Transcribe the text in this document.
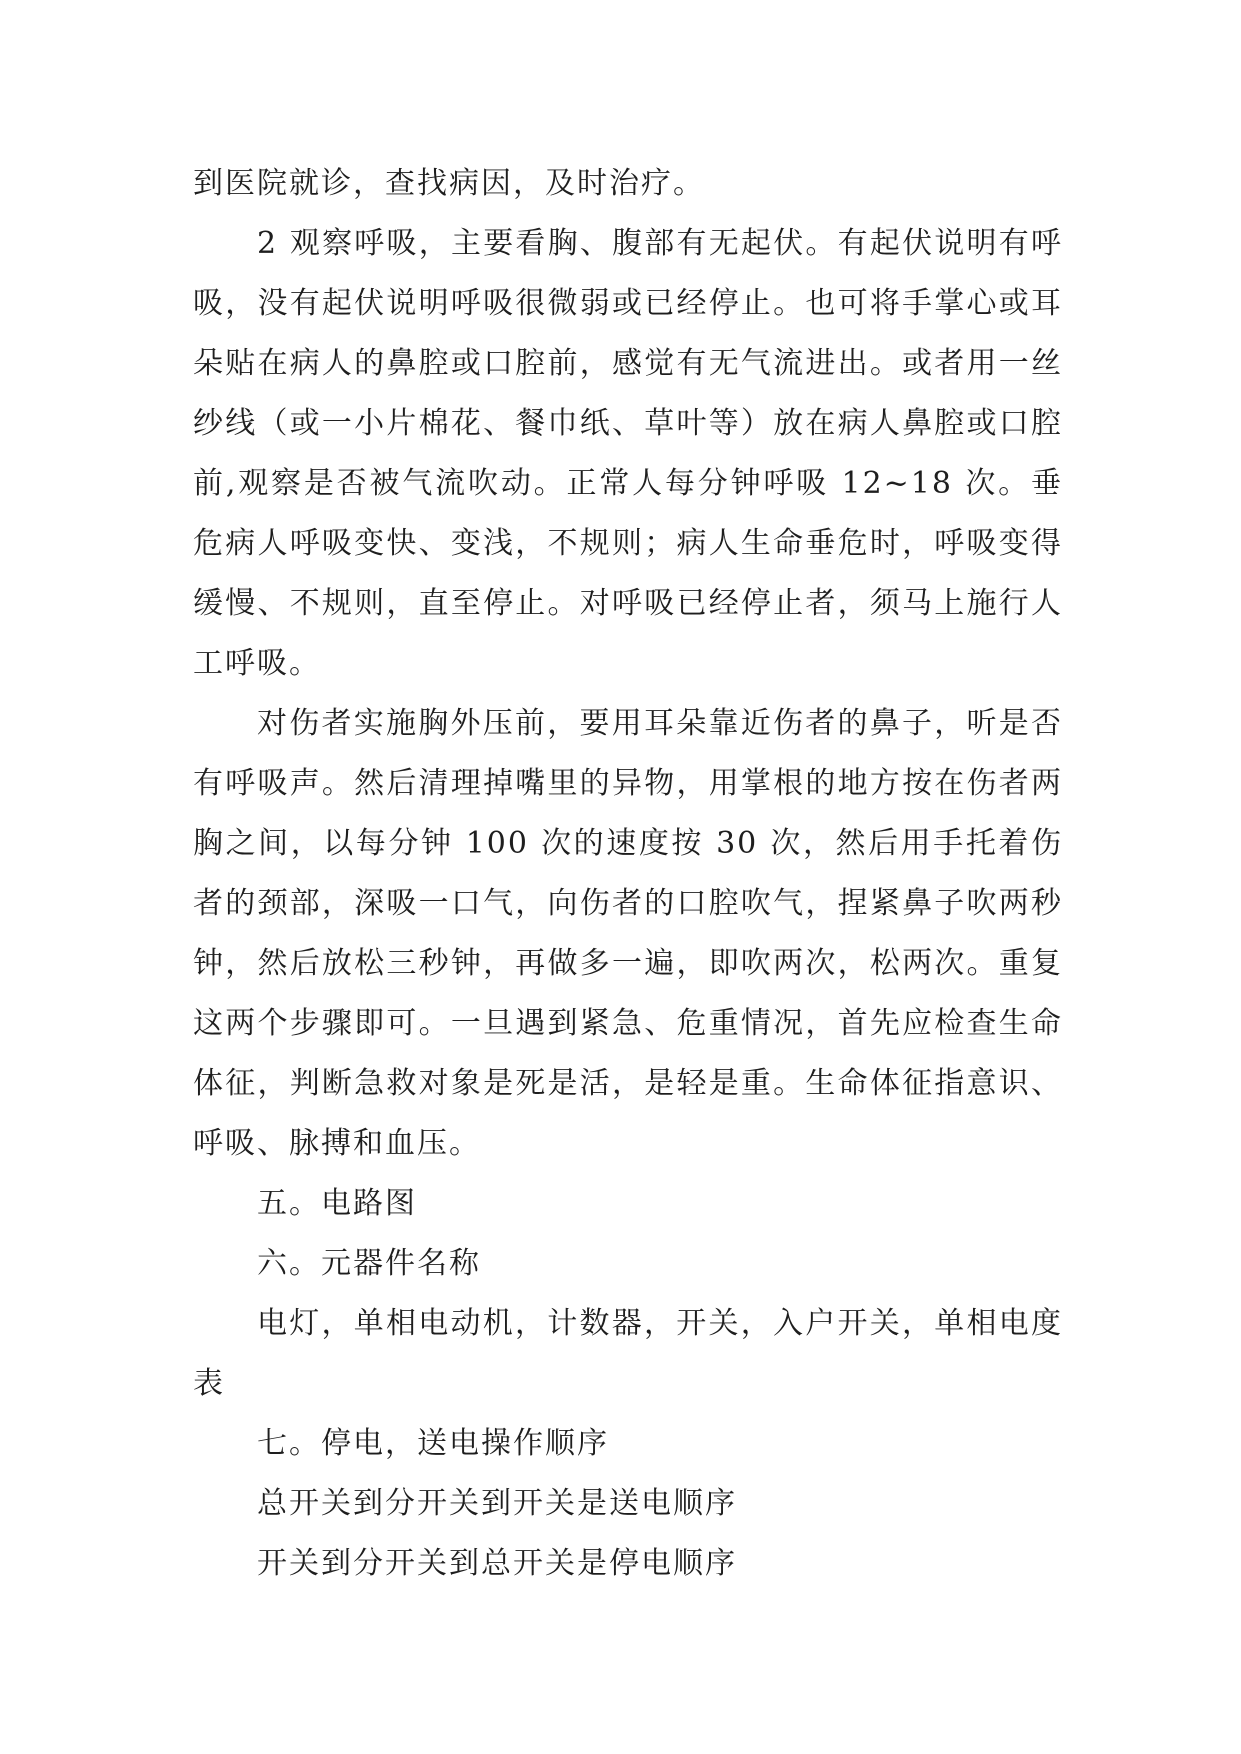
到医院就诊，查找病因，及时治疗。

2 观察呼吸，主要看胸、腹部有无起伏。有起伏说明有呼吸，没有起伏说明呼吸很微弱或已经停止。也可将手掌心或耳朵贴在病人的鼻腔或口腔前，感觉有无气流进出。或者用一丝纱线（或一小片棉花、餐巾纸、草叶等）放在病人鼻腔或口腔前,观察是否被气流吹动。正常人每分钟呼吸 12~18 次。垂危病人呼吸变快、变浅，不规则；病人生命垂危时，呼吸变得缓慢、不规则，直至停止。对呼吸已经停止者，须马上施行人工呼吸。

对伤者实施胸外压前，要用耳朵靠近伤者的鼻子，听是否有呼吸声。然后清理掉嘴里的异物，用掌根的地方按在伤者两胸之间，以每分钟 100 次的速度按 30 次，然后用手托着伤者的颈部，深吸一口气，向伤者的口腔吹气，捏紧鼻子吹两秒钟，然后放松三秒钟，再做多一遍，即吹两次，松两次。重复这两个步骤即可。一旦遇到紧急、危重情况，首先应检查生命体征，判断急救对象是死是活，是轻是重。生命体征指意识、呼吸、脉搏和血压。

五。电路图

六。元器件名称

电灯，单相电动机，计数器，开关，入户开关，单相电度表

七。停电，送电操作顺序

总开关到分开关到开关是送电顺序

开关到分开关到总开关是停电顺序
